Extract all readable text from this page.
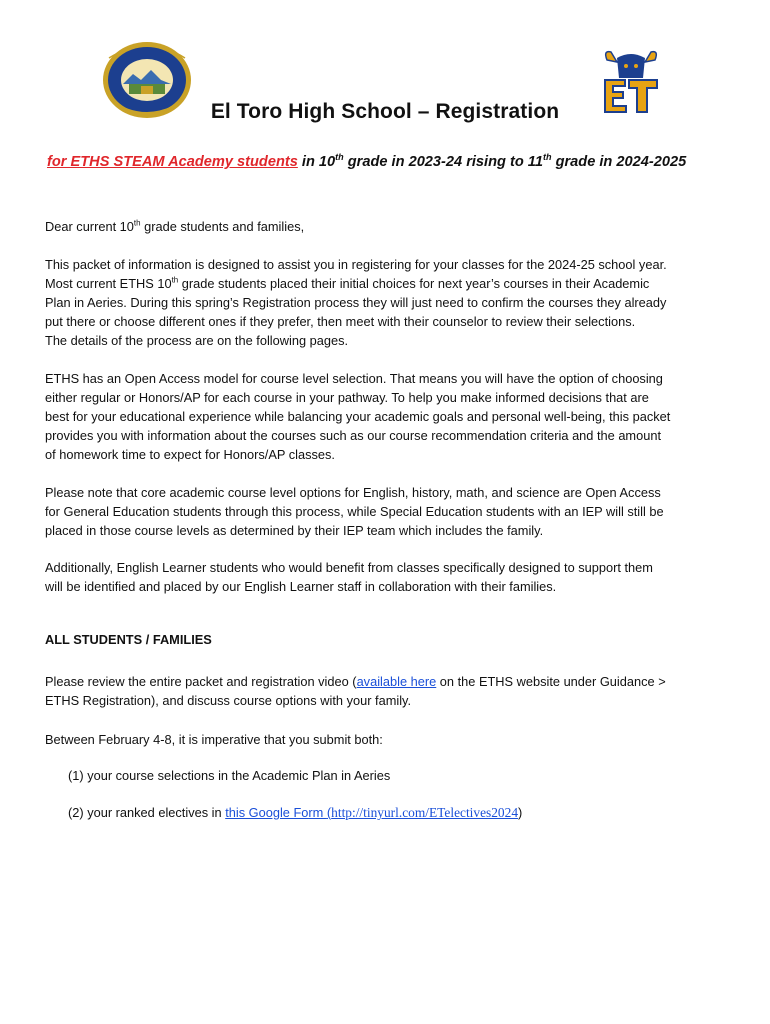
El Toro High School – Registration
for ETHS STEAM Academy students in 10th grade in 2023-24 rising to 11th grade in 2024-2025

Dear current 10th grade students and families,

This packet of information is designed to assist you in registering for your classes for the 2024-25 school year.
Most current ETHS 10th grade students placed their initial choices for next year’s courses in their Academic
Plan in Aeries. During this spring’s Registration process they will just need to confirm the courses they already
put there or choose different ones if they prefer, then meet with their counselor to review their selections.
The details of the process are on the following pages.

ETHS has an Open Access model for course level selection. That means you will have the option of choosing
either regular or Honors/AP for each course in your pathway. To help you make informed decisions that are
best for your educational experience while balancing your academic goals and personal well-being, this packet
provides you with information about the courses such as our course recommendation criteria and the amount
of homework time to expect for Honors/AP classes.

Please note that core academic course level options for English, history, math, and science are Open Access
for General Education students through this process, while Special Education students with an IEP will still be
placed in those course levels as determined by their IEP team which includes the family.

Additionally, English Learner students who would benefit from classes specifically designed to support them
will be identified and placed by our English Learner staff in collaboration with their families.

ALL STUDENTS / FAMILIES

Please review the entire packet and registration video (available here on the ETHS website under Guidance >
ETHS Registration), and discuss course options with your family.

Between February 4-8, it is imperative that you submit both:

(1) your course selections in the Academic Plan in Aeries
(2) your ranked electives in this Google Form (http://tinyurl.com/ETelectives2024)
